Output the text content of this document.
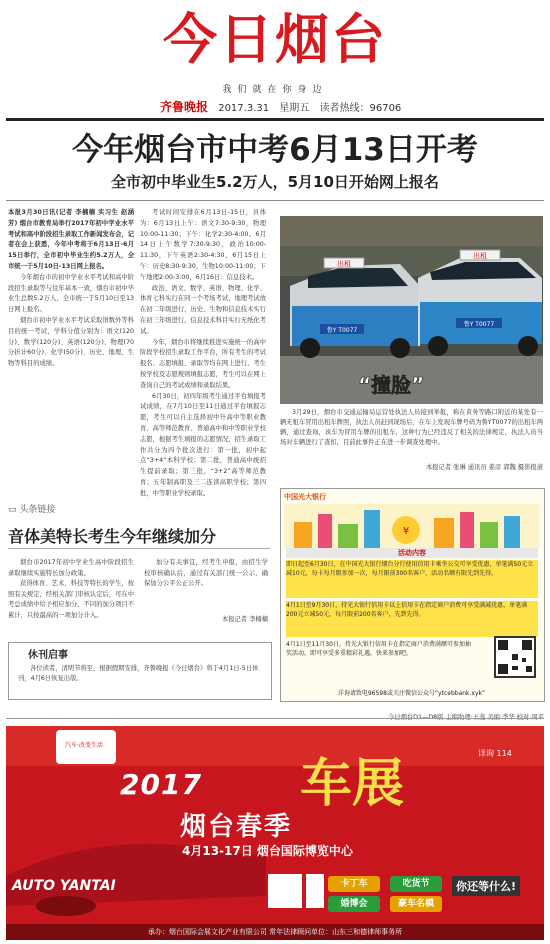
今日烟台
我们就在你身边
齐鲁晚报 2017.3.31 星期五 读者热线：96706
今年烟台市中考6月13日开考
全市初中毕业生5.2万人，5月10日开始网上报名

本报3月30日讯(记者 李楠楠 实习生 赵涵芳) 烟台市教育局举行2017年初中学业水平考试和高中阶段招生录取工作新闻发布会，记者在会上获悉，今年中考将于6月13日-6月15日举行，全市初中毕业生约5.2万人，全市统一于5月10日-13日网上报名。

今年烟台市的初中学业水平考试和高中阶段招生录取等与往年基本一致，烟台市初中毕业生总数5.2万人，全市统一于5月10日至13日网上报名。

烟台市初中学业水平考试采取语数外等科目的统一考试，学科分值分别为：语文(120分)、数学(120分)、英语(120分)、物理(70分折计60分)、化学(50分)、历史、地理、生物等科目的成绩。

考试时间安排在6月13日-15日，具体为：6月13日上午：语文7:30-9:30，物理10:00-11:30；下午：化学2:30-4:00。6月14日上午数学7:30-9:30，政治10:00-11:30，下午英语2:30-4:30，6月15日上午：历史8:30-9:30，生物10:00-11:00；下午地理2:00-3:00，6月16日：信息技术。

政治、语文、数学、英语、物理、化学、体育七科实行在同一个考场考试，地理考试放在初二年级进行，历史、生物和信息技术实行在初三年级进行，信息技术科目实行无纸化考试。

今年，烟台市将继续推进实施统一的高中阶段学校招生录取工作平台，所有考生的考试报名、志愿填报、录取等均在网上进行，考生按学校及志愿规则填报志愿，考生可以在网上查询自己的考试成绩和录取结果。

6月30日，初四年级考生通过平台填报考试成绩，在7月10日至11日通过平台填报志愿，考生可以自主选择初中升高中等职业教育、高等师范教育、普通高中和中等职业学校志愿，根据考生填报的志愿情况，招生录取工作共分为四个批次进行：第一批，初中起点“3+4”本科学校；第二批，普通高中统招生提前录取；第三批，“3+2”高等师范教育；五年制高职及三二连读高职学校；第四批，中等职业学校录取。

出租
鲁Y T0077
出租
鲁Y T0077
“撞脸”
3月29日，烟台市交通运输局运营处执法人员接到举报，称在黄务等路口附近的某处有一辆无租车冒用出租车牌照，执法人员赶到现场后，在车上发现车牌号码为鲁YT0077的出租车两辆，通过查询，该车为冒用车牌的出租车，这种行为已经违反了相关的法律规定，执法人员当场对车辆进行了查扣，目前此事件正在进一步调查处理中。
本报记者 张琳 通讯员 姜彦 郭魏 摄影报道
▭ 头条链接
音体美特长考生今年继续加分

烟台市2017年初中学业生高中阶段招生录取继续实施特长加分政策。

获得体育、艺术、科技等特长的学生，按照有关规定，经相关部门审核认定后，可在中考总成绩中给予相应加分，不同的加分项目不累计，只按最高的一项加分计入。

加分有关事宜，经考生申报，由招生学校审核确认后，通过有关部门统一公示，确保加分公平公正公开。

本报记者 李楠楠
休刊启事
各位读者，清明节将至，根据假期安排，齐鲁晚报《今日烟台》将于4月1日-5日休刊，4月6日恢复出版。
中国光大银行
¥
活动内容
即日起至6月30日，在中国光大银行烟台分行使用信用卡乘坐公交可享受优惠，单笔满50元立减10元，每卡每月限参加一次，每月限前300名客户，活动名额有限先到先得。
4月1日至9月30日，持光大银行信用卡以上信用卡在指定商户消费可享受满减优惠，单笔满200元立减50元，每月限前200名客户，先到先得。
4月1日至11月30日，持光大银行信用卡在指定商户消费满额可参加抽奖活动，即可享受多重精彩礼遇，快来参加吧。
详询请致电96598或关注微信公众号“ytcebbank.xyk”
汽车·改变生活
详询 114
2017
烟台春季
4月13-17日 烟台国际博览中心
车展
AUTO YANTAI	卡丁车	吃货节
婚博会	豪车名模
你还等什么!
承办：烟台国际会展文化产业有限公司 常年法律顾问单位：山东三和德律师事务所
